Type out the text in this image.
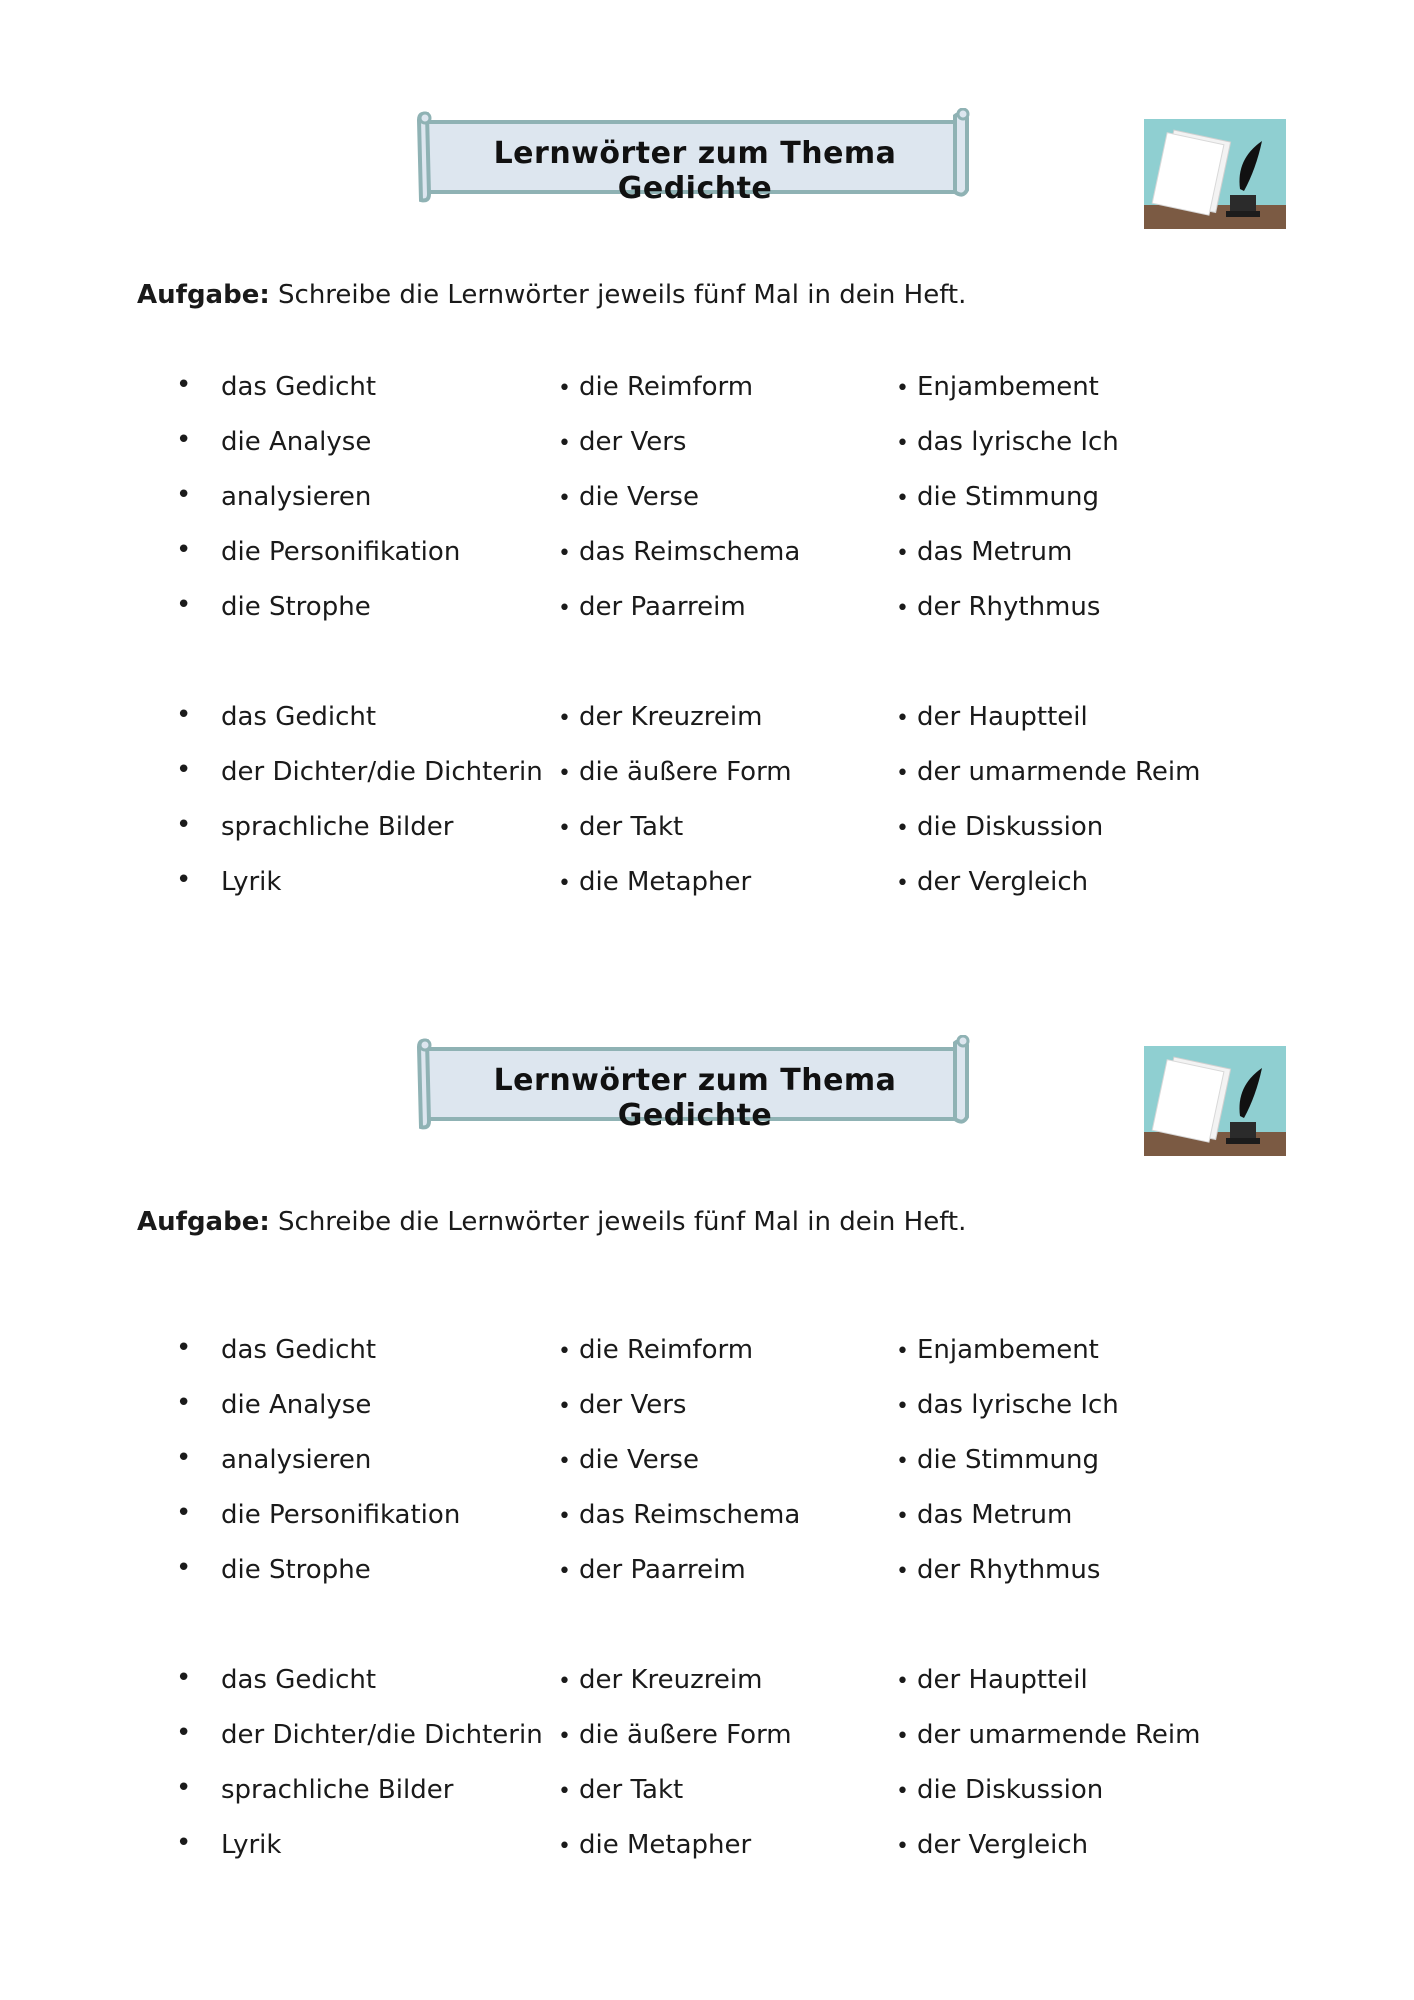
Lernwörter zum Thema Gedichte
Aufgabe: Schreibe die Lernwörter jeweils fünf Mal in dein Heft.
• das Gedicht
• die Analyse
• analysieren
• die Personifikation
• die Strophe
• die Reimform
• der Vers
• die Verse
• das Reimschema
• der Paarreim
• Enjambement
• das lyrische Ich
• die Stimmung
• das Metrum
• der Rhythmus
• das Gedicht
• der Dichter/die Dichterin
• sprachliche Bilder
• Lyrik
• der Kreuzreim
• die äußere Form
• der Takt
• die Metapher
• der Hauptteil
• der umarmende Reim
• die Diskussion
• der Vergleich
Lernwörter zum Thema Gedichte
Aufgabe: Schreibe die Lernwörter jeweils fünf Mal in dein Heft.
• das Gedicht
• die Analyse
• analysieren
• die Personifikation
• die Strophe
• die Reimform
• der Vers
• die Verse
• das Reimschema
• der Paarreim
• Enjambement
• das lyrische Ich
• die Stimmung
• das Metrum
• der Rhythmus
• das Gedicht
• der Dichter/die Dichterin
• sprachliche Bilder
• Lyrik
• der Kreuzreim
• die äußere Form
• der Takt
• die Metapher
• der Hauptteil
• der umarmende Reim
• die Diskussion
• der Vergleich
